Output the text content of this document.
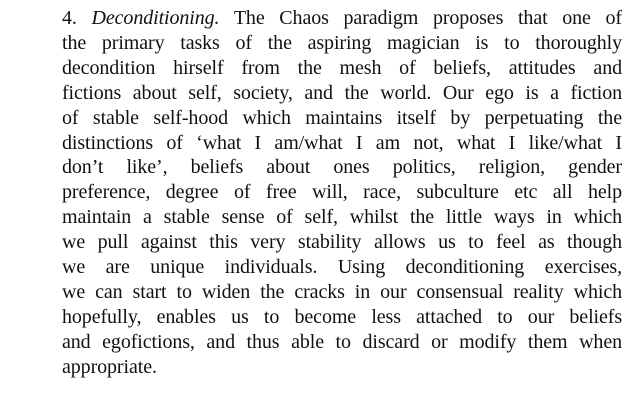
4. Deconditioning. The Chaos paradigm proposes that one of
the primary tasks of the aspiring magician is to thoroughly
decondition hirself from the mesh of beliefs, attitudes and
fictions about self, society, and the world. Our ego is a fiction
of stable self-hood which maintains itself by perpetuating the
distinctions of ‘what I am/what I am not, what I like/what I
don’t like’, beliefs about ones politics, religion, gender
preference, degree of free will, race, subculture etc all help
maintain a stable sense of self, whilst the little ways in which
we pull against this very stability allows us to feel as though
we are unique individuals. Using deconditioning exercises,
we can start to widen the cracks in our consensual reality which
hopefully, enables us to become less attached to our beliefs
and egofictions, and thus able to discard or modify them when
appropriate.
